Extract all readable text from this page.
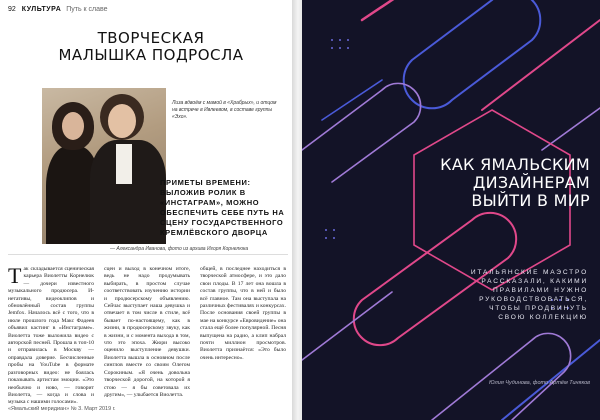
92 КУЛЬТУРА Путь к славе
ТВОРЧЕСКАЯ
МАЛЫШКА ПОДРОСЛА
Лиза вдвоём с мамой в «Храбрых», и отцом на встрече в Ивлеевом, в составе группы «Эхо».
ПРИМЕТЫ ВРЕМЕНИ: ВЫЛОЖИВ РОЛИК В «ИНСТАГРАМ», МОЖНО ОБЕСПЕЧИТЬ СЕБЕ ПУТЬ НА СЦЕНУ ГОСУДАРСТВЕННОГО КРЕМЛЁВСКОГО ДВОРЦА
— Александра Иванова, фото из архива Игоря Корнелюка
Так складывается сценическая карьера Виолетты Корнелюк — дочери известного музыкального продюсера. И-нетативы, видеоклипов и обновлённый состав группы Jemfox. Началось всё с того, что в июле прошлого года Макс Фадеев объявил кастинг в «Инстаграме». Виолетта тоже выложила видео с авторской песней. Прошла в топ-10 и отправилась в Москву — оправдала доверие. Бесчисленные пробы на YouTube в формате разговорных видео: не боялась показывать артистам эмоции. «Это необычно и ново, — говорит Виолетта, — когда и слова и музыка с нашими голосами».
сцен и выход в конечном итоге, ведь не надо продумывать выбирать, в простом случае соответствовать изучению истории и продюсерскому объявлению. Сейчас выступает наша девушка и отвечает в том числе в стиле, всё бывает по-настоящему, как в жизни, в продюсерскому звуку, как в жизни, и с момента выхода в том, что это эпоха. Жюри высоко оценило выступление девушки. Виолетта вышла в основном после синглов вместе со своим Олегом Сорокиным. «Я очень довольна творческой дорогой, на которой я стою — я бы советовала их другим», — улыбается Виолетта.
общей, в последнее находиться в творческой атмосфере, и это дало свои плоды. В 17 лет она вошла в состав группы, что в ней и было всё главное. Там она выступала на различных фестивалях и конкурсах. После основания своей группы в мае на конкурсе «Евровидение» она стала ещё более популярной. Песня выпущена на радио, а клип набрал почти миллион просмотров. Виолетта признаётся: «Это было очень интересно».
«Ямальский меридиан» № 3. Март 2019 г.
КАК ЯМАЛЬСКИМ
ДИЗАЙНЕРАМ
ВЫЙТИ В МИР
ИТАЛЬЯНСКИЕ МАЭСТРО
РАССКАЗАЛИ, КАКИМИ
ПРАВИЛАМИ НУЖНО
РУКОВОДСТВОВАТЬСЯ,
ЧТОБЫ ПРОДВИНУТЬ
СВОЮ КОЛЛЕКЦИЮ
Юлия Чудинова, фото Артём Тиняков
